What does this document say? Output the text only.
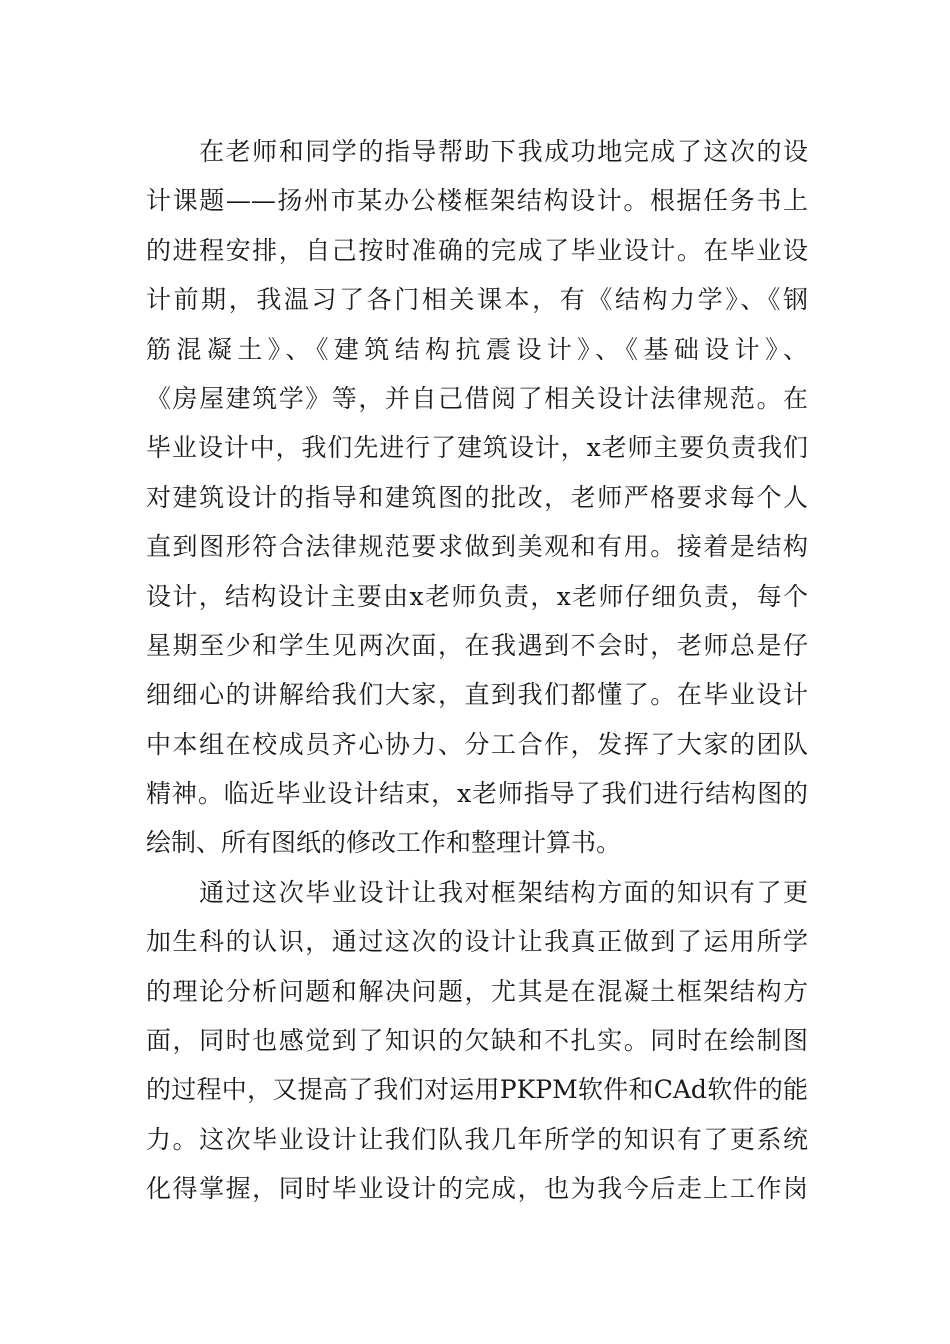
　　在老师和同学的指导帮助下我成功地完成了这次的设
计课题——扬州市某办公楼框架结构设计。根据任务书上
的进程安排，自己按时准确的完成了毕业设计。在毕业设
计前期，我温习了各门相关课本，有《结构力学》、《钢
筋混凝土》、《建筑结构抗震设计》、《基础设计》、
《房屋建筑学》等，并自己借阅了相关设计法律规范。在
毕业设计中，我们先进行了建筑设计，x老师主要负责我们
对建筑设计的指导和建筑图的批改，老师严格要求每个人
直到图形符合法律规范要求做到美观和有用。接着是结构
设计，结构设计主要由x老师负责，x老师仔细负责，每个
星期至少和学生见两次面，在我遇到不会时，老师总是仔
细细心的讲解给我们大家，直到我们都懂了。在毕业设计
中本组在校成员齐心协力、分工合作，发挥了大家的团队
精神。临近毕业设计结束，x老师指导了我们进行结构图的
绘制、所有图纸的修改工作和整理计算书。
　　通过这次毕业设计让我对框架结构方面的知识有了更
加生科的认识，通过这次的设计让我真正做到了运用所学
的理论分析问题和解决问题，尤其是在混凝土框架结构方
面，同时也感觉到了知识的欠缺和不扎实。同时在绘制图
的过程中，又提高了我们对运用PKPM软件和CAd软件的能
力。这次毕业设计让我们队我几年所学的知识有了更系统
化得掌握，同时毕业设计的完成，也为我今后走上工作岗
